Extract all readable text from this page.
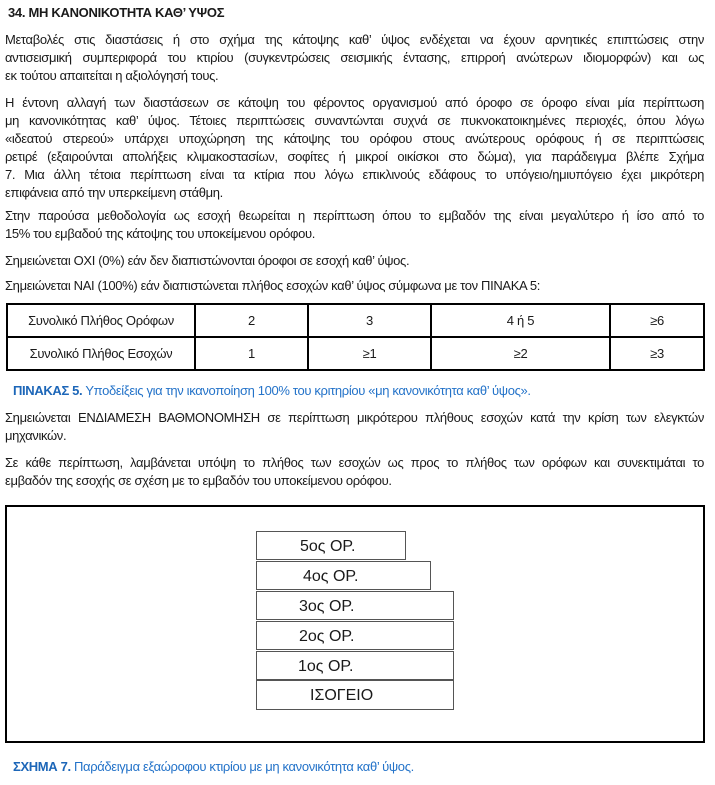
34. ΜΗ ΚΑΝΟΝΙΚΟΤΗΤΑ ΚΑΘ’ ΥΨΟΣ
Μεταβολές στις διαστάσεις ή στο σχήμα της κάτοψης καθ’ ύψος ενδέχεται να έχουν αρνητικές επιπτώσεις στην
αντισεισμική συμπεριφορά του κτιρίου (συγκεντρώσεις σεισμικής έντασης, επιρροή ανώτερων ιδιομορφών) και ως
εκ τούτου απαιτείται η αξιολόγησή τους.
Η έντονη αλλαγή των διαστάσεων σε κάτοψη του φέροντος οργανισμού από όροφο σε όροφο είναι μία περίπτωση
μη κανονικότητας καθ’ ύψος. Τέτοιες περιπτώσεις συναντώνται συχνά σε πυκνοκατοικημένες περιοχές, όπου λόγω
«ιδεατού στερεού» υπάρχει υποχώρηση της κάτοψης του ορόφου στους ανώτερους ορόφους ή σε περιπτώσεις
ρετιρέ (εξαιρούνται απολήξεις κλιμακοστασίων, σοφίτες ή μικροί οικίσκοι στο δώμα), για παράδειγμα βλέπε Σχήμα
7. Μια άλλη τέτοια περίπτωση είναι τα κτίρια που λόγω επικλινούς εδάφους το υπόγειο/ημιυπόγειο έχει μικρότερη
επιφάνεια από την υπερκείμενη στάθμη.
Στην παρούσα μεθοδολογία ως εσοχή θεωρείται η περίπτωση όπου το εμβαδόν της είναι μεγαλύτερο ή ίσο από το
15% του εμβαδού της κάτοψης του υποκείμενου ορόφου.
Σημειώνεται ΟΧΙ (0%) εάν δεν διαπιστώνονται όροφοι σε εσοχή καθ’ ύψος.
Σημειώνεται ΝΑΙ (100%) εάν διαπιστώνεται πλήθος εσοχών καθ’ ύψος σύμφωνα με τον ΠΙΝΑΚΑ 5:
Συνολικό Πλήθος Ορόφων	2	3	4 ή 5	≥6
Συνολικό Πλήθος Εσοχών	1	≥1	≥2	≥3
ΠΙΝΑΚΑΣ 5. Υποδείξεις για την ικανοποίηση 100% του κριτηρίου «μη κανονικότητα καθ’ ύψος».
Σημειώνεται ΕΝΔΙΑΜΕΣΗ ΒΑΘΜΟΝΟΜΗΣΗ σε περίπτωση μικρότερου πλήθους εσοχών κατά την κρίση των ελεγκτών
μηχανικών.
Σε κάθε περίπτωση, λαμβάνεται υπόψη το πλήθος των εσοχών ως προς το πλήθος των ορόφων και συνεκτιμάται το
εμβαδόν της εσοχής σε σχέση με το εμβαδόν του υποκείμενου ορόφου.
5ος ΟΡ.
4ος ΟΡ.
3ος ΟΡ.
2ος ΟΡ.
1ος ΟΡ.
ΙΣΟΓΕΙΟ
ΣΧΗΜΑ 7. Παράδειγμα εξαώροφου κτιρίου με μη κανονικότητα καθ’ ύψος.
